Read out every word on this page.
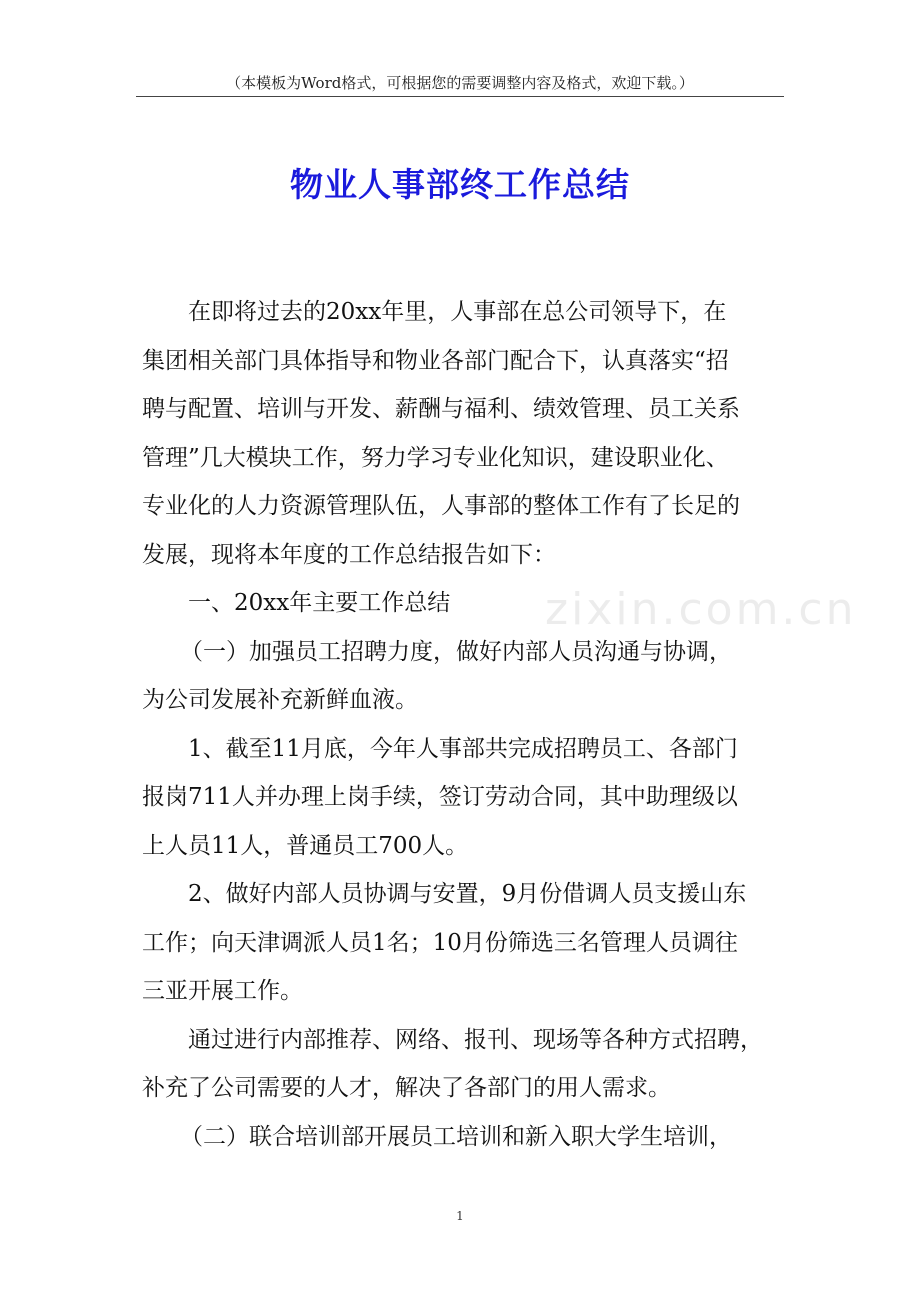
（本模板为Word格式，可根据您的需要调整内容及格式，欢迎下载。）
物业人事部终工作总结
在即将过去的20xx年里，人事部在总公司领导下，在
集团相关部门具体指导和物业各部门配合下，认真落实“招
聘与配置、培训与开发、薪酬与福利、绩效管理、员工关系
管理”几大模块工作，努力学习专业化知识，建设职业化、
专业化的人力资源管理队伍，人事部的整体工作有了长足的
发展，现将本年度的工作总结报告如下：
一、20xx年主要工作总结
（一）加强员工招聘力度，做好内部人员沟通与协调，
为公司发展补充新鲜血液。
1、截至11月底，今年人事部共完成招聘员工、各部门
报岗711人并办理上岗手续，签订劳动合同，其中助理级以
上人员11人，普通员工700人。
2、做好内部人员协调与安置，9月份借调人员支援山东
工作；向天津调派人员1名；10月份筛选三名管理人员调往
三亚开展工作。
通过进行内部推荐、网络、报刊、现场等各种方式招聘，
补充了公司需要的人才，解决了各部门的用人需求。
（二）联合培训部开展员工培训和新入职大学生培训，
zixin.com.cn
1
